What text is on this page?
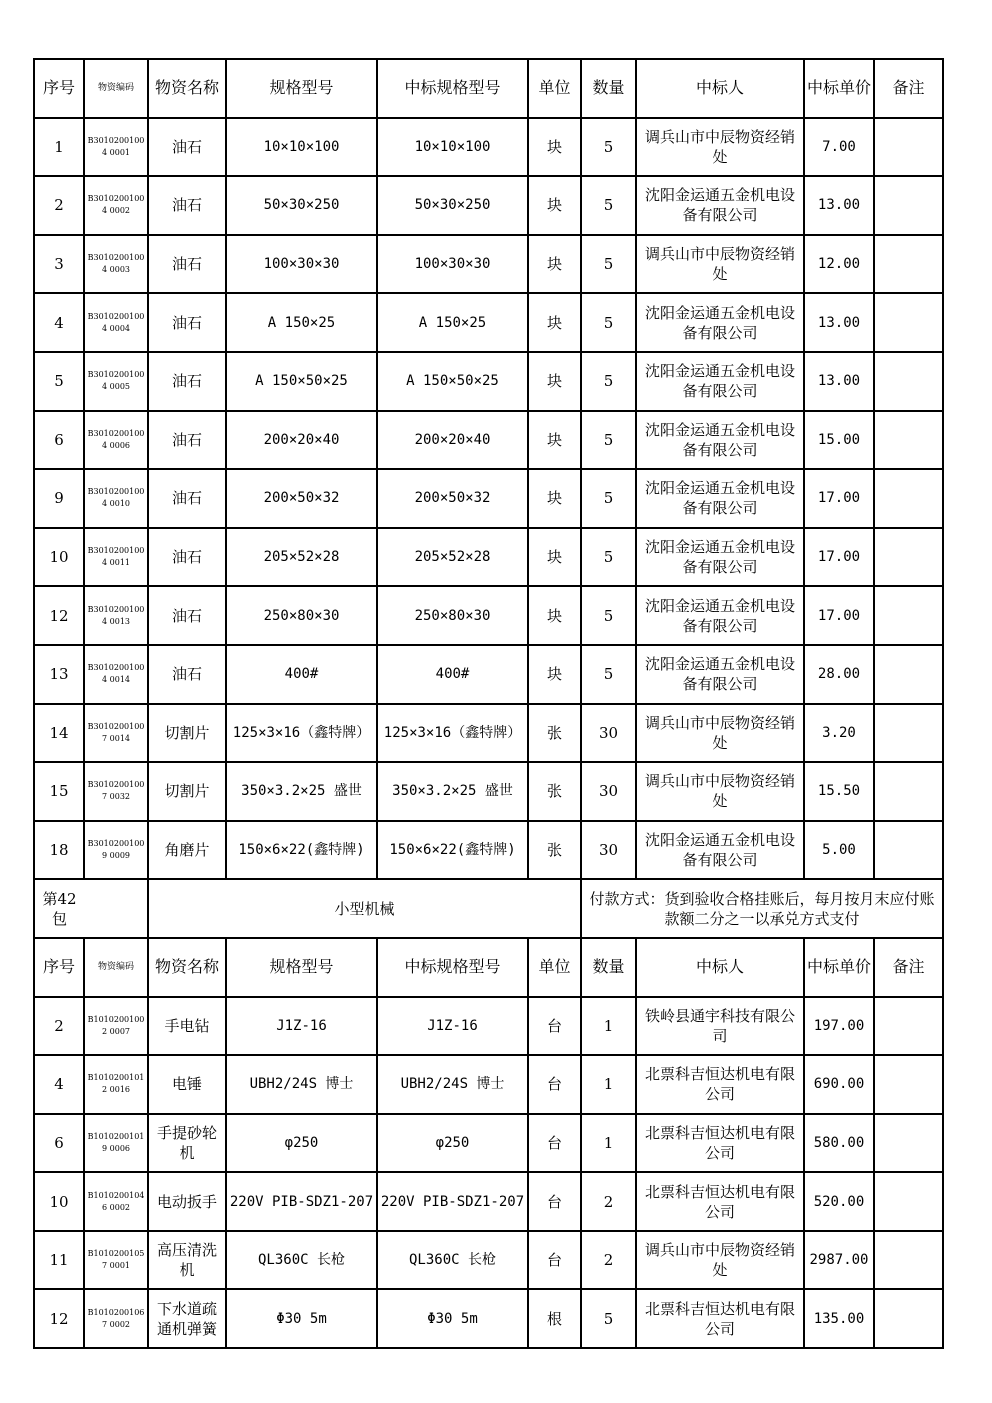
序号	物资编码	物资名称	规格型号	中标规格型号	单位	数量	中标人	中标单价	备注
1	B30102001004 0001	油石	10×10×100	10×10×100	块	5	调兵山市中辰物资经销处	7.00	
2	B30102001004 0002	油石	50×30×250	50×30×250	块	5	沈阳金运通五金机电设备有限公司	13.00	
3	B30102001004 0003	油石	100×30×30	100×30×30	块	5	调兵山市中辰物资经销处	12.00	
4	B30102001004 0004	油石	A 150×25	A 150×25	块	5	沈阳金运通五金机电设备有限公司	13.00	
5	B30102001004 0005	油石	A 150×50×25	A 150×50×25	块	5	沈阳金运通五金机电设备有限公司	13.00	
6	B30102001004 0006	油石	200×20×40	200×20×40	块	5	沈阳金运通五金机电设备有限公司	15.00	
9	B30102001004 0010	油石	200×50×32	200×50×32	块	5	沈阳金运通五金机电设备有限公司	17.00	
10	B30102001004 0011	油石	205×52×28	205×52×28	块	5	沈阳金运通五金机电设备有限公司	17.00	
12	B30102001004 0013	油石	250×80×30	250×80×30	块	5	沈阳金运通五金机电设备有限公司	17.00	
13	B30102001004 0014	油石	400#	400#	块	5	沈阳金运通五金机电设备有限公司	28.00	
14	B30102001007 0014	切割片	125×3×16（鑫特牌）	125×3×16（鑫特牌）	张	30	调兵山市中辰物资经销处	3.20	
15	B30102001007 0032	切割片	350×3.2×25 盛世	350×3.2×25 盛世	张	30	调兵山市中辰物资经销处	15.50	
18	B30102001009 0009	角磨片	150×6×22(鑫特牌)	150×6×22(鑫特牌)	张	30	沈阳金运通五金机电设备有限公司	5.00	
第42包		小型机械				付款方式：货到验收合格挂账后，每月按月末应付账款额二分之一以承兑方式支付			
序号	物资编码	物资名称	规格型号	中标规格型号	单位	数量	中标人	中标单价	备注
2	B10102001002 0007	手电钻	J1Z-16	J1Z-16	台	1	铁岭县通宇科技有限公司	197.00	
4	B10102001012 0016	电锤	UBH2/24S 博士	UBH2/24S 博士	台	1	北票科吉恒达机电有限公司	690.00	
6	B10102001019 0006	手提砂轮机	φ250	φ250	台	1	北票科吉恒达机电有限公司	580.00	
10	B10102001046 0002	电动扳手	220V PIB-SDZ1-207	220V PIB-SDZ1-207	台	2	北票科吉恒达机电有限公司	520.00	
11	B10102001057 0001	高压清洗机	QL360C 长枪	QL360C 长枪	台	2	调兵山市中辰物资经销处	2987.00	
12	B10102001067 0002	下水道疏通机弹簧	Φ30 5m	Φ30 5m	根	5	北票科吉恒达机电有限公司	135.00	
